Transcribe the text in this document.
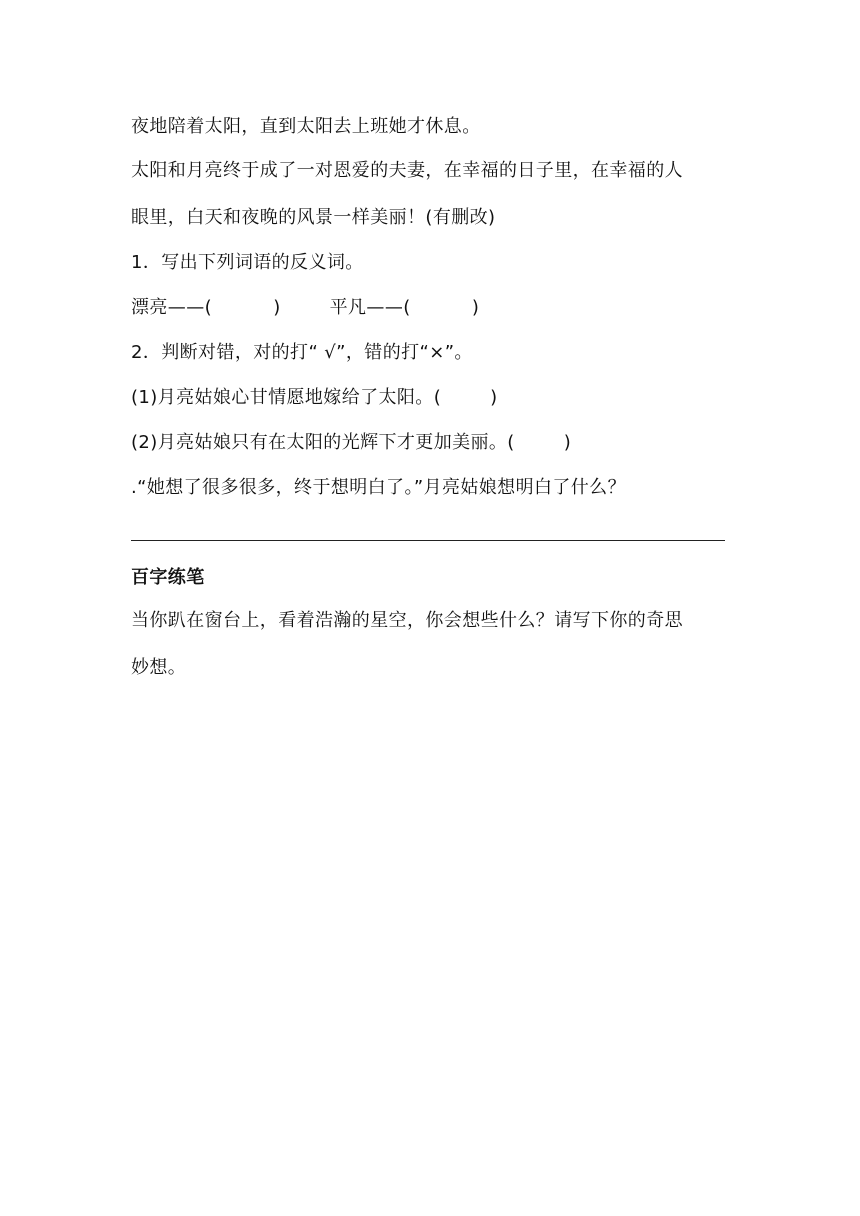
夜地陪着太阳，直到太阳去上班她才休息。
太阳和月亮终于成了一对恩爱的夫妻，在幸福的日子里，在幸福的人
眼里，白天和夜晚的风景一样美丽！(有删改)
1．写出下列词语的反义词。
漂亮——(          )        平凡——(          )
2．判断对错，对的打“ √”，错的打“×”。
(1)月亮姑娘心甘情愿地嫁给了太阳。(        )
(2)月亮姑娘只有在太阳的光辉下才更加美丽。(        )
.“她想了很多很多，终于想明白了。”月亮姑娘想明白了什么？
百字练笔
当你趴在窗台上，看着浩瀚的星空，你会想些什么？请写下你的奇思
妙想。
